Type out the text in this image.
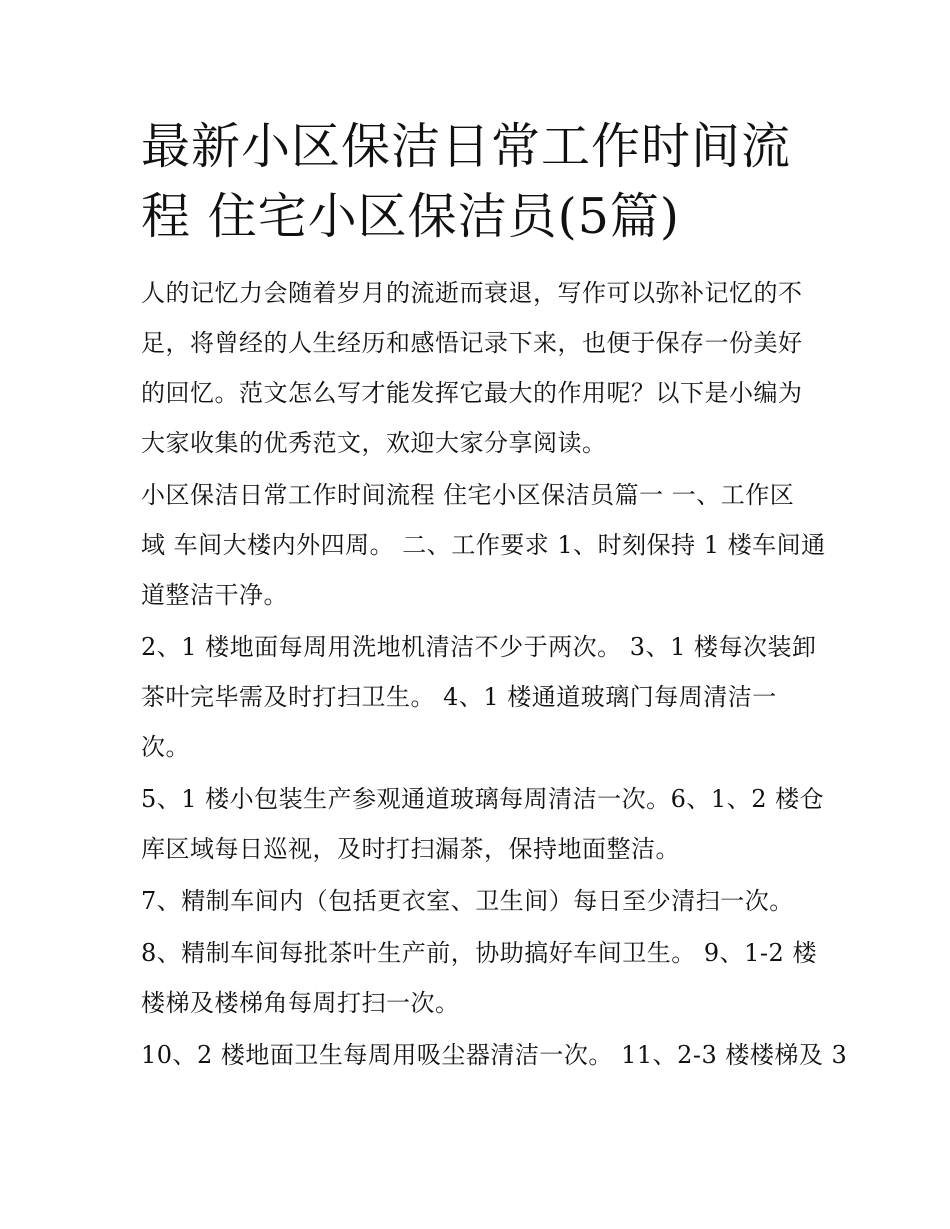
最新小区保洁日常工作时间流
程 住宅小区保洁员(5篇)

人的记忆力会随着岁月的流逝而衰退，写作可以弥补记忆的不
足，将曾经的人生经历和感悟记录下来，也便于保存一份美好
的回忆。范文怎么写才能发挥它最大的作用呢？以下是小编为
大家收集的优秀范文，欢迎大家分享阅读。

小区保洁日常工作时间流程 住宅小区保洁员篇一 一、工作区
域 车间大楼内外四周。 二、工作要求 1、时刻保持 1 楼车间通
道整洁干净。

2、1 楼地面每周用洗地机清洁不少于两次。 3、1 楼每次装卸
茶叶完毕需及时打扫卫生。 4、1 楼通道玻璃门每周清洁一
次。

5、1 楼小包装生产参观通道玻璃每周清洁一次。6、1、2 楼仓
库区域每日巡视，及时打扫漏茶，保持地面整洁。

7、精制车间内（包括更衣室、卫生间）每日至少清扫一次。

8、精制车间每批茶叶生产前，协助搞好车间卫生。 9、1-2 楼
楼梯及楼梯角每周打扫一次。

10、2 楼地面卫生每周用吸尘器清洁一次。 11、2-3 楼楼梯及 3
